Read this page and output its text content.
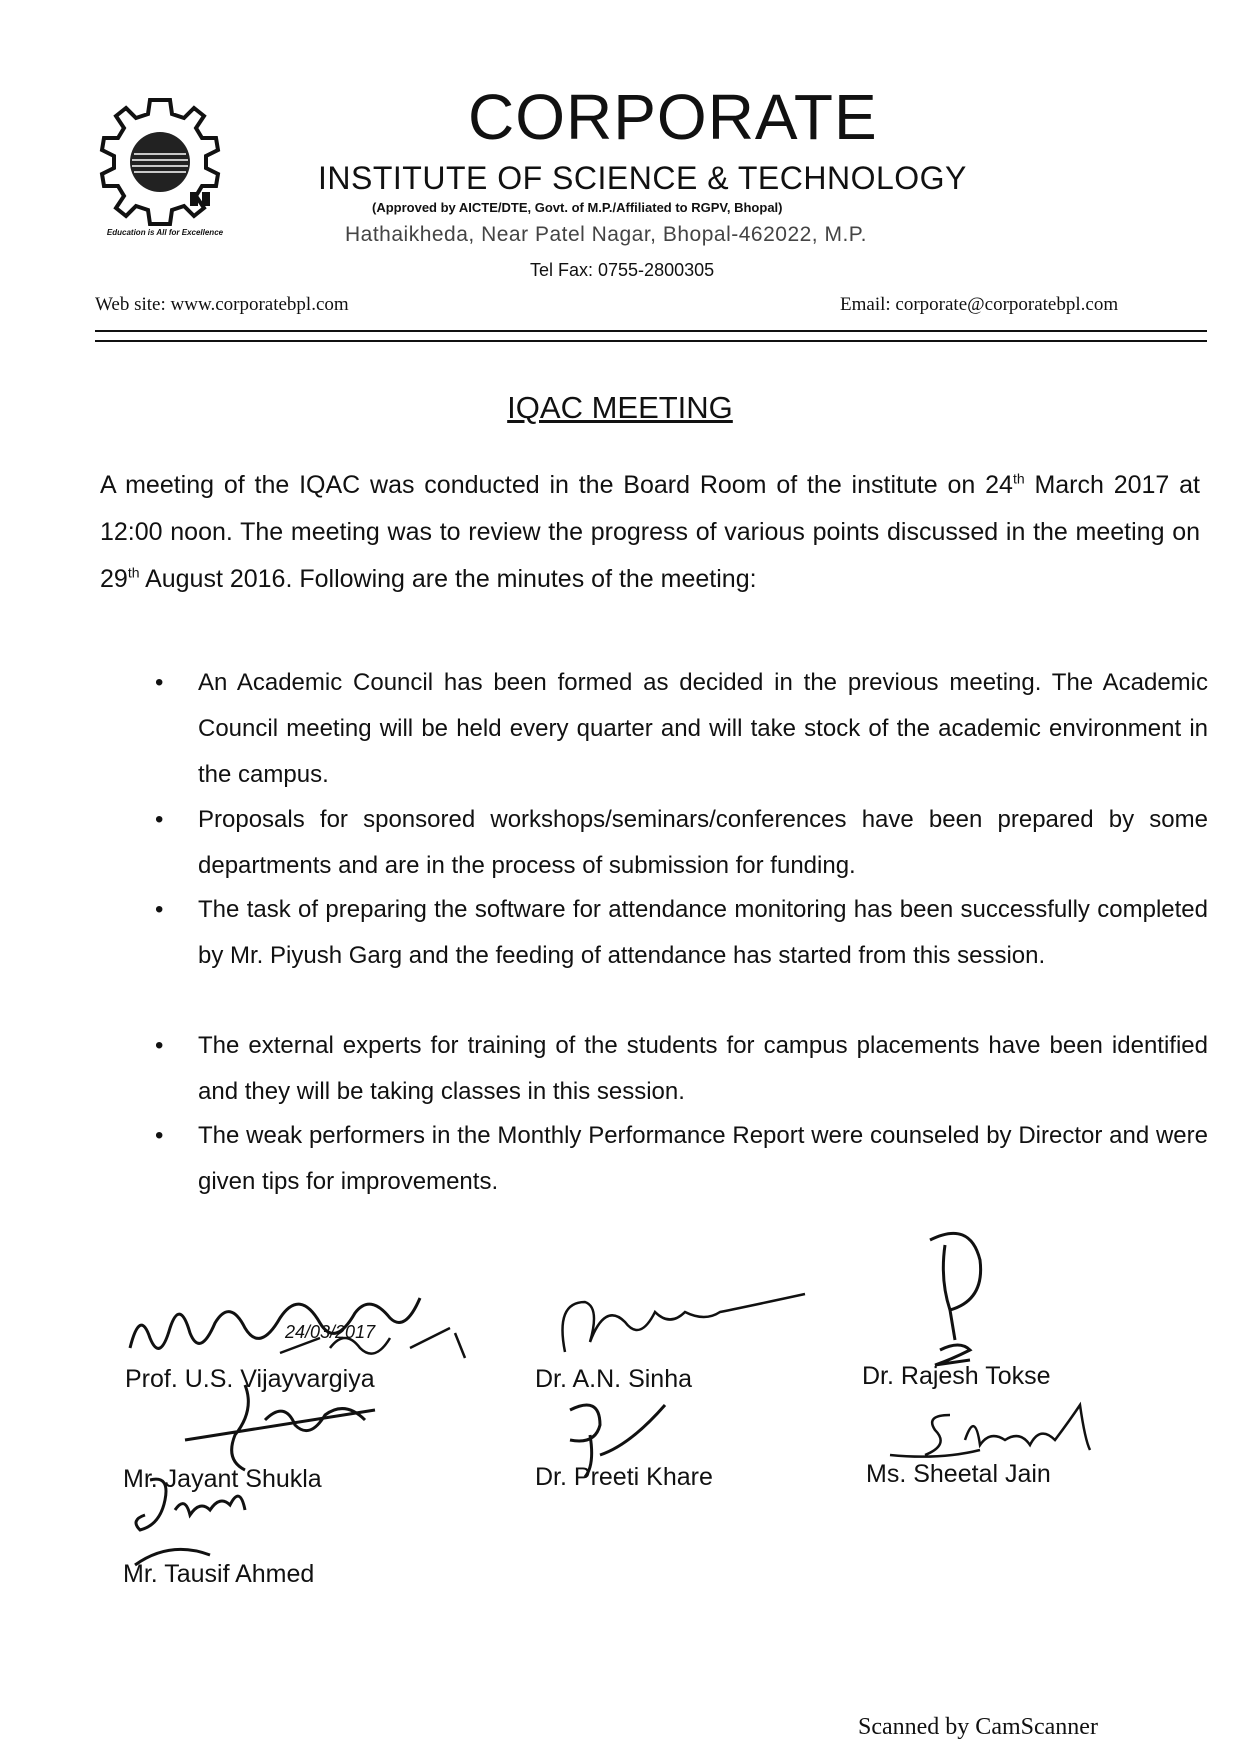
Education is All for Excellence
CORPORATE
INSTITUTE OF SCIENCE & TECHNOLOGY
(Approved by AICTE/DTE, Govt. of M.P./Affiliated to RGPV, Bhopal)
Hathaikheda, Near Patel Nagar, Bhopal-462022, M.P.
Tel Fax: 0755-2800305
Web site: www.corporatebpl.com	Email: corporate@corporatebpl.com
IQAC MEETING
A meeting of the IQAC was conducted in the Board Room of the institute on 24th March 2017 at 12:00 noon. The meeting was to review the progress of various points discussed in the meeting on 29th August 2016. Following are the minutes of the meeting:
• An Academic Council has been formed as decided in the previous meeting. The Academic Council meeting will be held every quarter and will take stock of the academic environment in the campus.
• Proposals for sponsored workshops/seminars/conferences have been prepared by some departments and are in the process of submission for funding.
• The task of preparing the software for attendance monitoring has been successfully completed by Mr. Piyush Garg and the feeding of attendance has started from this session.
• The external experts for training of the students for campus placements have been identified and they will be taking classes in this session.
• The weak performers in the Monthly Performance Report were counseled by Director and were given tips for improvements.
24/03/2017
Prof. U.S. Vijayvargiya	Dr. A.N. Sinha	Dr. Rajesh Tokse
Mr. Jayant Shukla	Dr. Preeti Khare	Ms. Sheetal Jain
Mr. Tausif Ahmed
Scanned by CamScanner
